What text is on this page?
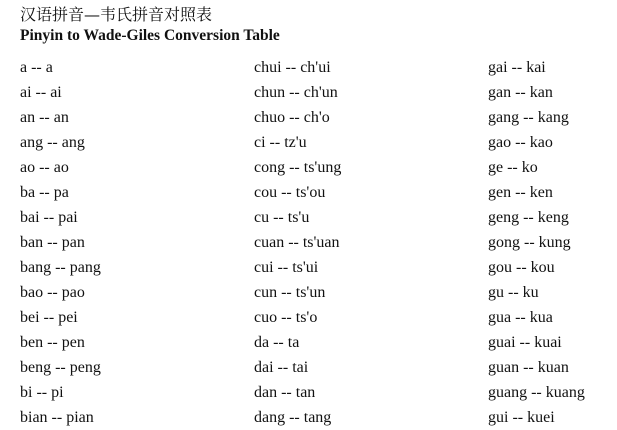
汉语拼音—韦氏拼音对照表
Pinyin to Wade-Giles Conversion Table
a -- a
ai -- ai
an -- an
ang -- ang
ao -- ao
ba -- pa
bai -- pai
ban -- pan
bang -- pang
bao -- pao
bei -- pei
ben -- pen
beng -- peng
bi -- pi
bian -- pian
chui -- ch'ui
chun -- ch'un
chuo -- ch'o
ci -- tz'u
cong -- ts'ung
cou -- ts'ou
cu -- ts'u
cuan -- ts'uan
cui -- ts'ui
cun -- ts'un
cuo -- ts'o
da -- ta
dai -- tai
dan -- tan
dang -- tang
gai -- kai
gan -- kan
gang -- kang
gao -- kao
ge -- ko
gen -- ken
geng -- keng
gong -- kung
gou -- kou
gu -- ku
gua -- kua
guai -- kuai
guan -- kuan
guang -- kuang
gui -- kuei
